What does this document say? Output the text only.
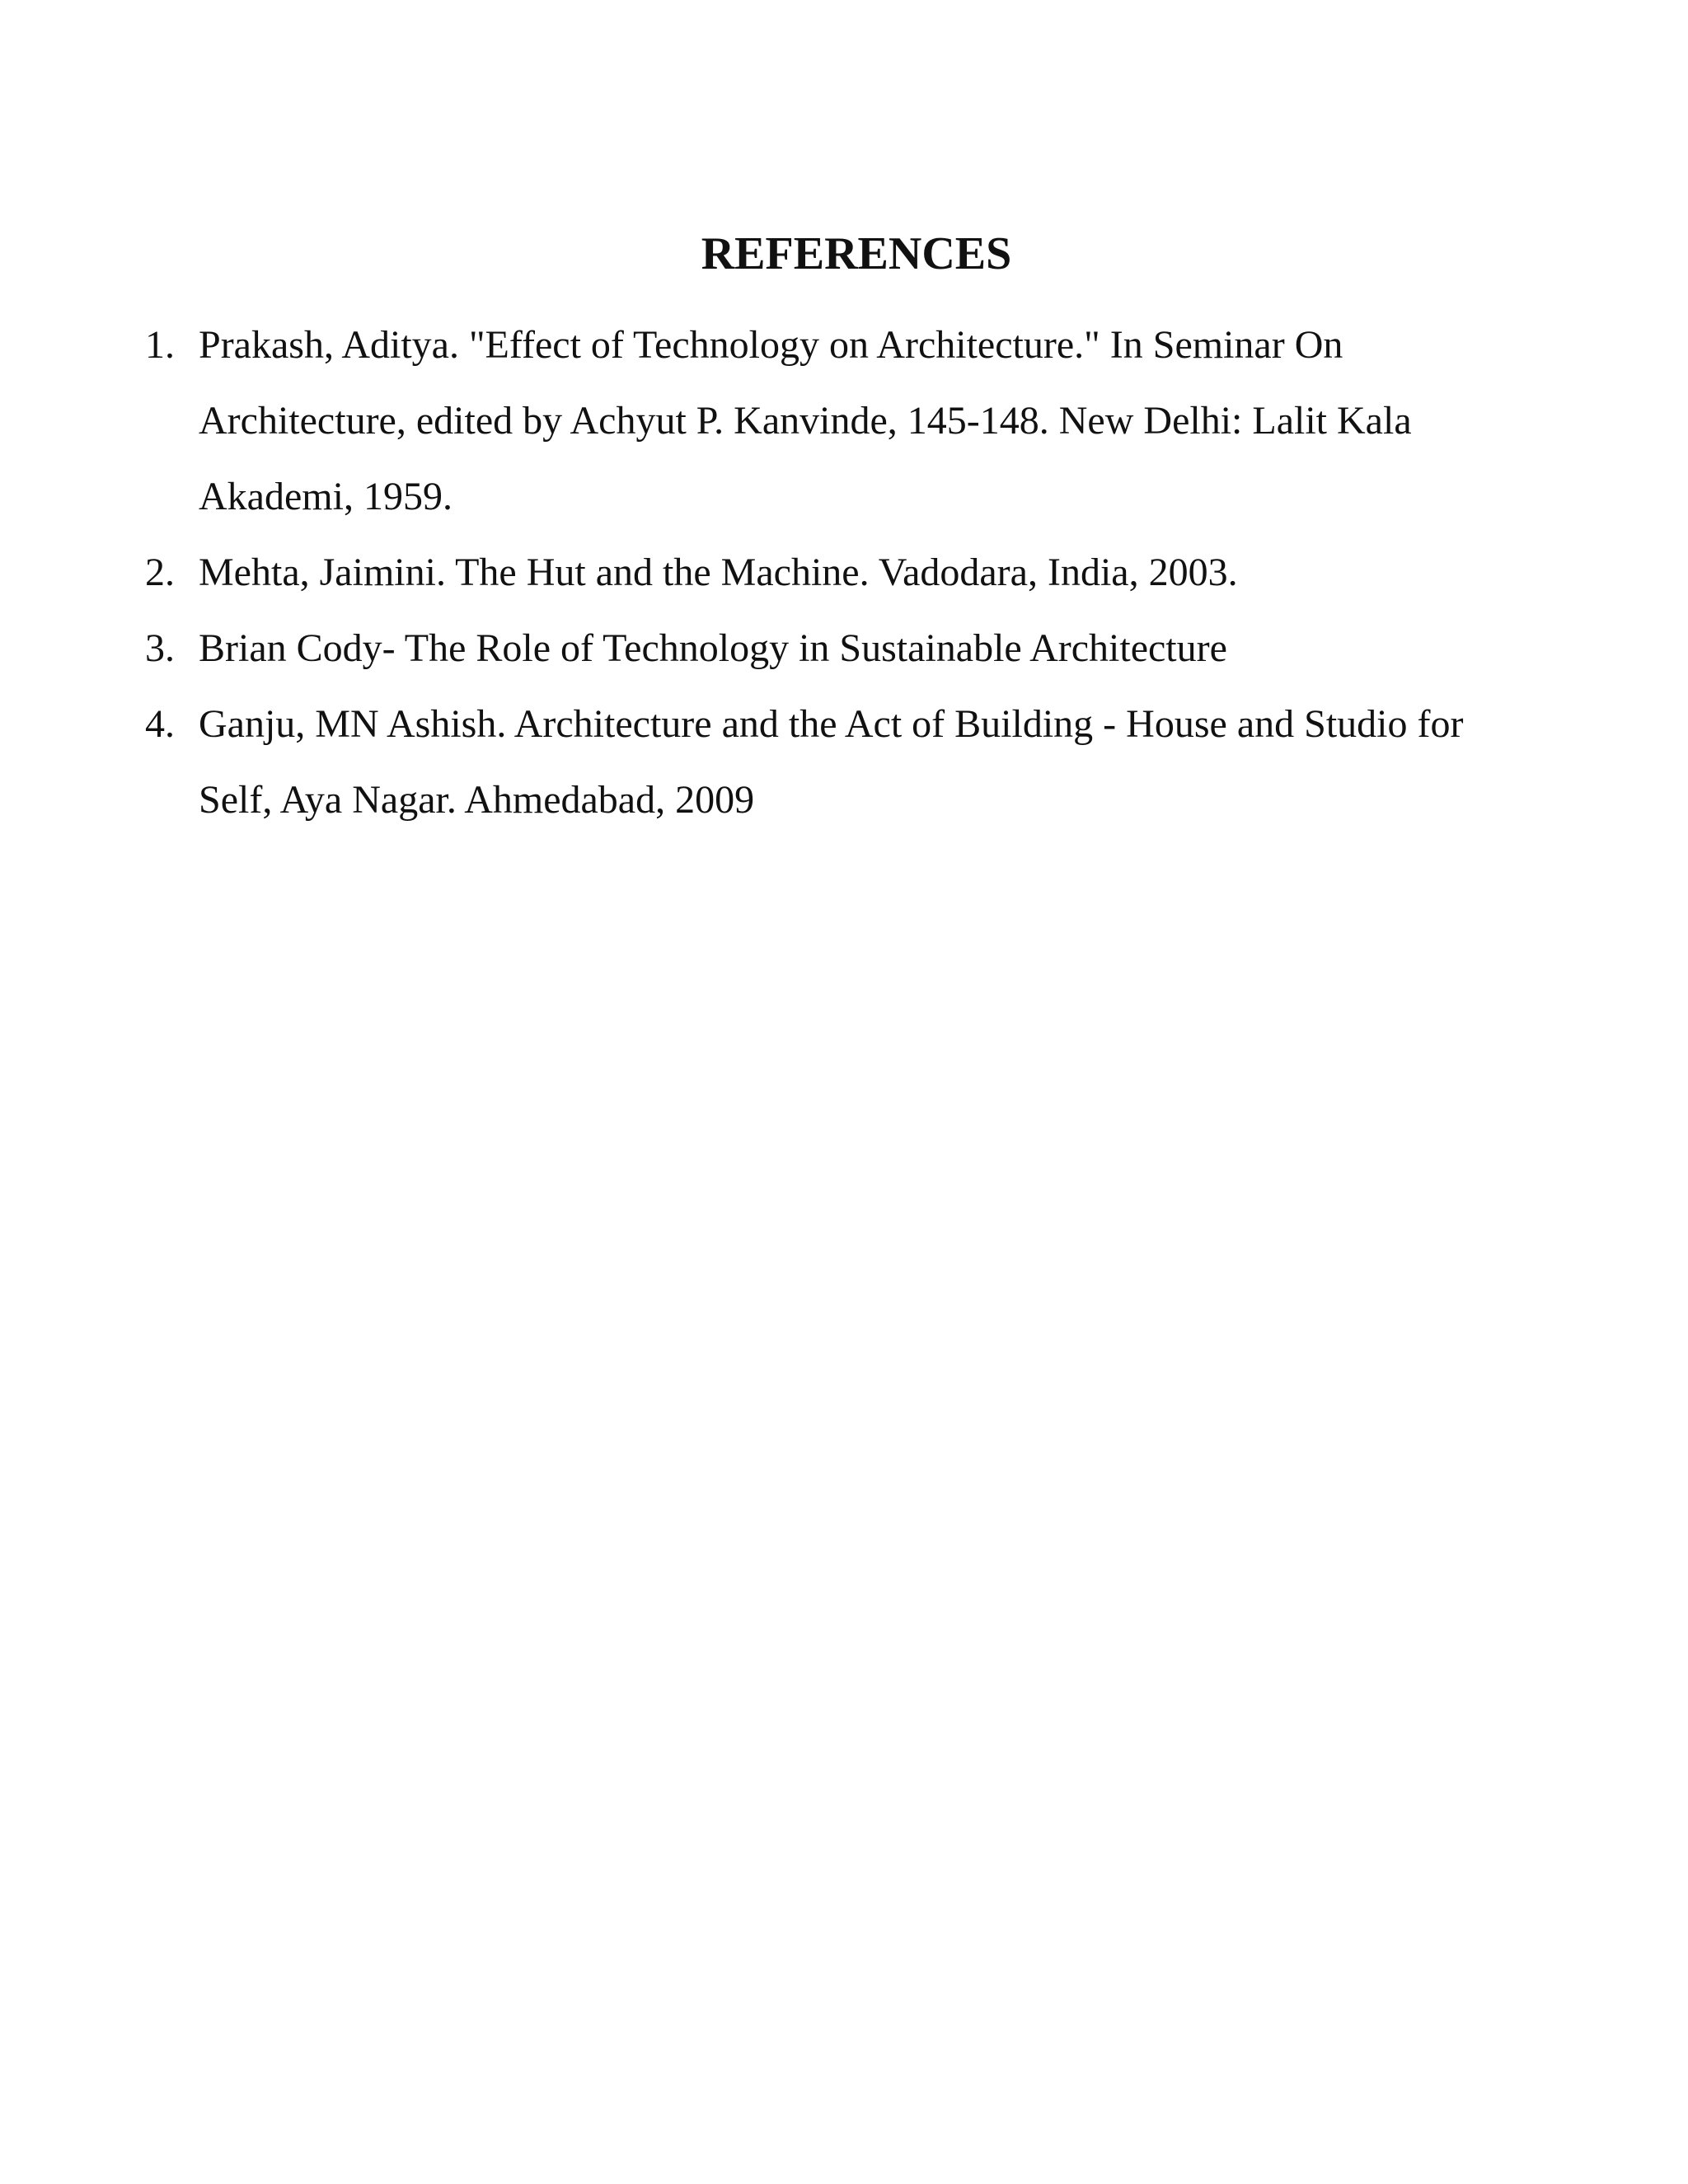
REFERENCES
1. Prakash, Aditya. "Effect of Technology on Architecture." In Seminar On Architecture, edited by Achyut P. Kanvinde, 145-148. New Delhi: Lalit Kala Akademi, 1959.
2. Mehta, Jaimini. The Hut and the Machine. Vadodara, India, 2003.
3. Brian Cody- The Role of Technology in Sustainable Architecture
4. Ganju, MN Ashish. Architecture and the Act of Building - House and Studio for Self, Aya Nagar. Ahmedabad, 2009
